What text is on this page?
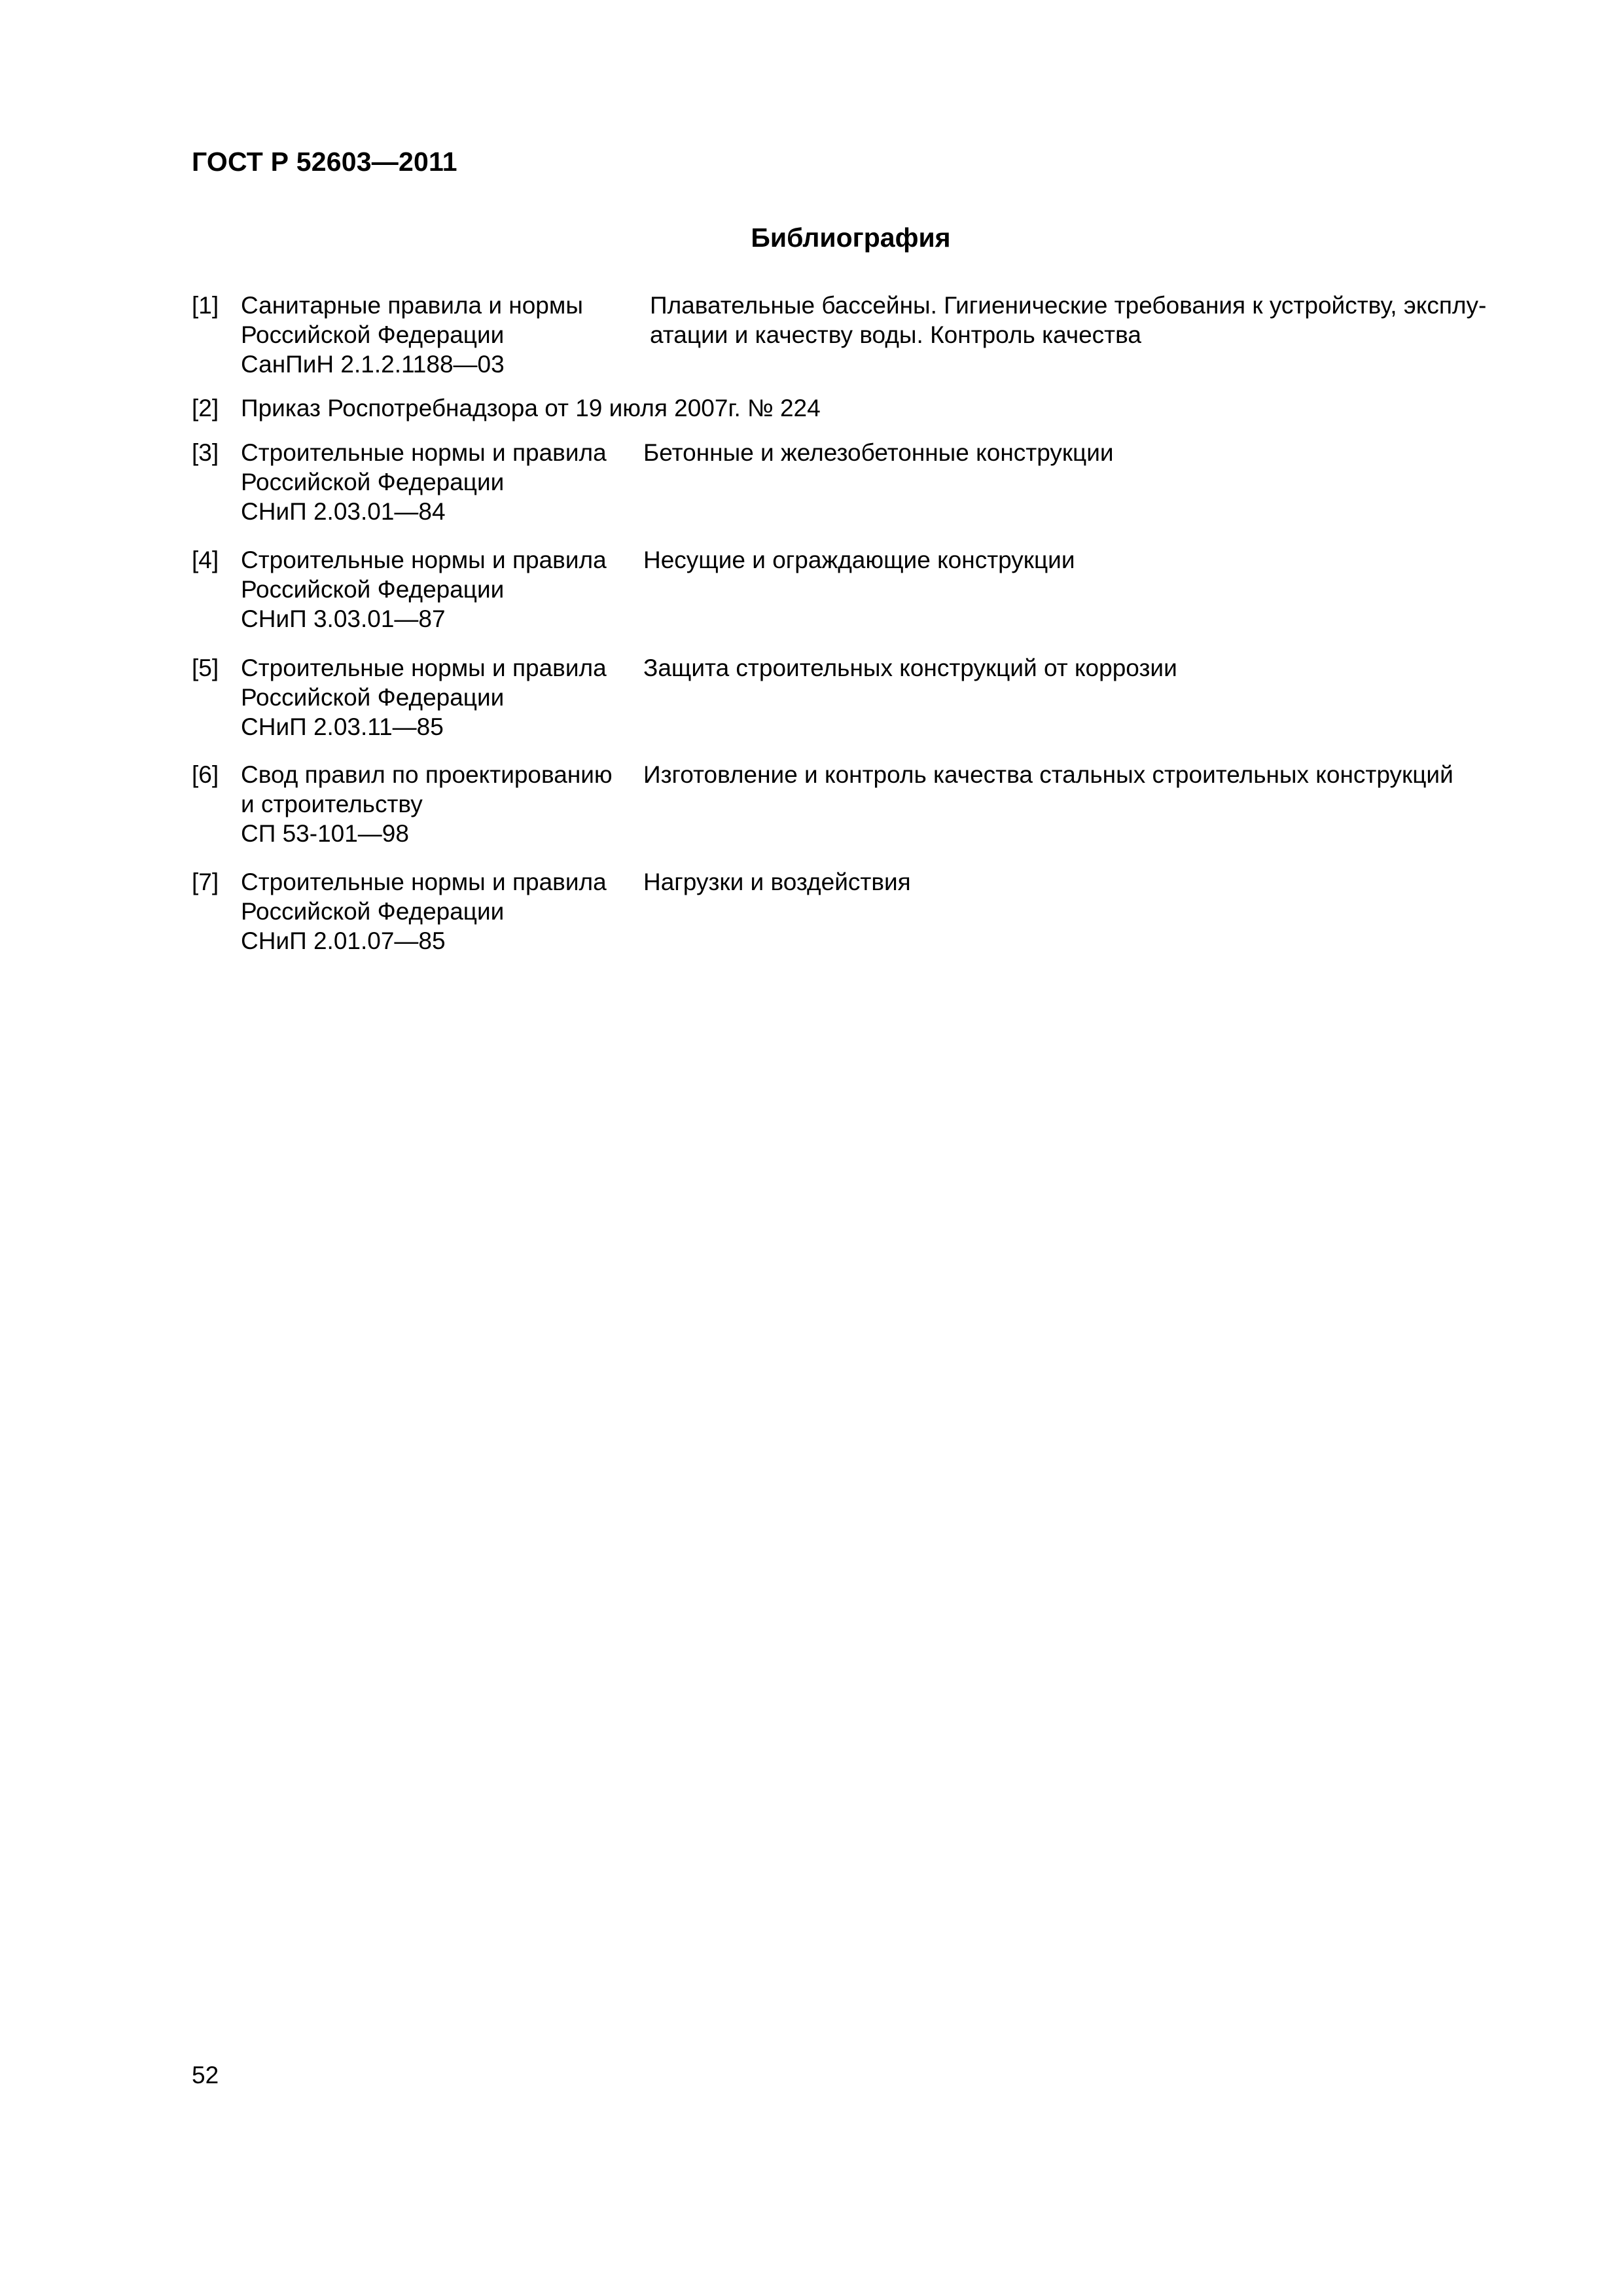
ГОСТ Р 52603—2011
Библиография
[1] Санитарные правила и нормы
Российской Федерации
СанПиН 2.1.2.1188—03
Плавательные бассейны. Гигиенические требования к устройству, эксплу-
атации и качеству воды. Контроль качества
[2] Приказ Роспотребнадзора от 19 июля 2007г. № 224
[3] Строительные нормы и правила
Российской Федерации
СНиП 2.03.01—84
Бетонные и железобетонные конструкции
[4] Строительные нормы и правила
Российской Федерации
СНиП 3.03.01—87
Несущие и ограждающие конструкции
[5] Строительные нормы и правила
Российской Федерации
СНиП 2.03.11—85
Защита строительных конструкций от коррозии
[6] Свод правил по проектированию
и строительству
СП 53-101—98
Изготовление и контроль качества стальных строительных конструкций
[7] Строительные нормы и правила
Российской Федерации
СНиП 2.01.07—85
Нагрузки и воздействия
52
